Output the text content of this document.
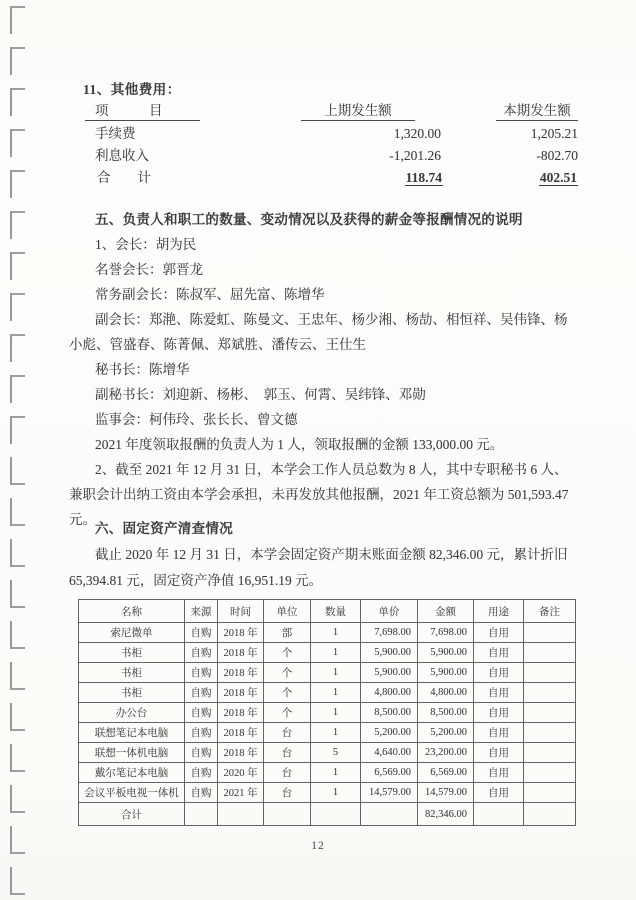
11、其他费用：

项　　　目	上期发生额	本期发生额
手续费	1,320.00	1,205.21
利息收入	-1,201.26	-802.70
合　　计	118.74	402.51
五、负责人和职工的数量、变动情况以及获得的薪金等报酬情况的说明

1、会长：胡为民

名誉会长：郭晋龙

常务副会长：陈叔军、屈先富、陈增华

副会长：郑滟、陈爱虹、陈曼文、王忠年、杨少湘、杨劼、相恒祥、吴伟锋、杨小彪、管盛春、陈菁佩、郑斌胜、潘传云、王仕生

秘书长：陈增华

副秘书长：刘迎新、杨彬、　郭玉、何霄、吴纬锋、邓勋

监事会：柯伟玲、张长长、曾文德

2021 年度领取报酬的负责人为 1 人，领取报酬的金额 133,000.00 元。

2、截至 2021 年 12 月 31 日，本学会工作人员总数为 8 人，其中专职秘书 6 人、兼职会计出纳工资由本学会承担，未再发放其他报酬，2021 年工资总额为 501,593.47 元。

六、固定资产清查情况

截止 2020 年 12 月 31 日，本学会固定资产期末账面金额 82,346.00 元，累计折旧 65,394.81 元，固定资产净值 16,951.19 元。

名称	来源	时间	单位	数量	单价	金额	用途	备注
索尼微单	自购	2018 年	部	1	7,698.00	7,698.00	自用	
书柜	自购	2018 年	个	1	5,900.00	5,900.00	自用	
书柜	自购	2018 年	个	1	5,900.00	5,900.00	自用	
书柜	自购	2018 年	个	1	4,800.00	4,800.00	自用	
办公台	自购	2018 年	个	1	8,500.00	8,500.00	自用	
联想笔记本电脑	自购	2018 年	台	1	5,200.00	5,200.00	自用	
联想一体机电脑	自购	2018 年	台	5	4,640.00	23,200.00	自用	
戴尔笔记本电脑	自购	2020 年	台	1	6,569.00	6,569.00	自用	
会议平板电视一体机	自购	2021 年	台	1	14,579.00	14,579.00	自用	
合计						82,346.00		
12
